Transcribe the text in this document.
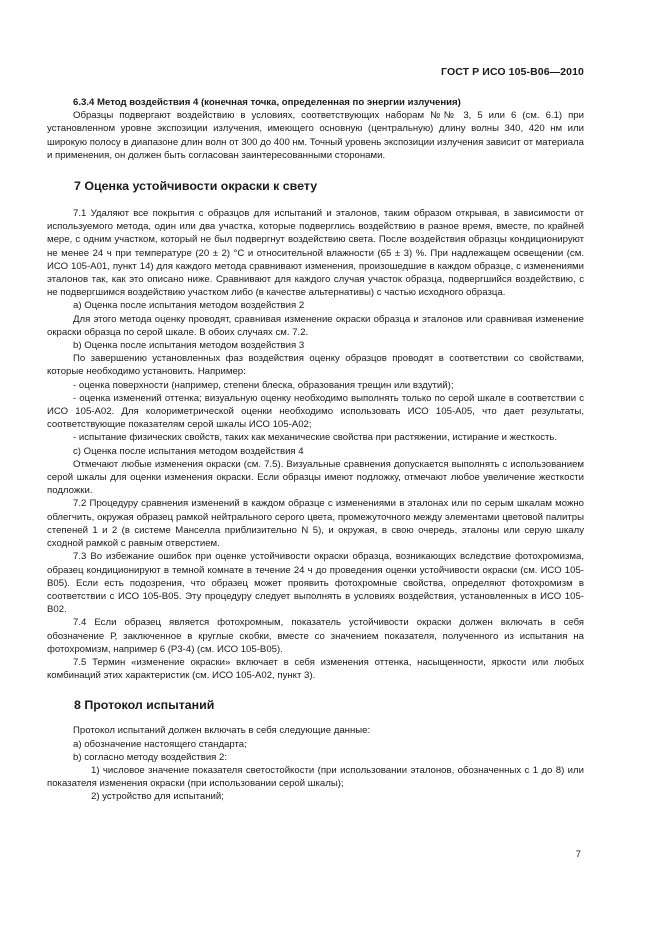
ГОСТ Р ИСО 105-В06—2010

6.3.4 Метод воздействия 4 (конечная точка, определенная по энергии излучения)

Образцы подвергают воздействию в условиях, соответствующих наборам №№ 3, 5 или 6 (см. 6.1) при установленном уровне экспозиции излучения, имеющего основную (центральную) длину волны 340, 420 нм или широкую полосу в диапазоне длин волн от 300 до 400 нм. Точный уровень экспозиции излучения зависит от материала и применения, он должен быть согласован заинтересованными сторонами.

7 Оценка устойчивости окраски к свету

7.1 Удаляют все покрытия с образцов для испытаний и эталонов, таким образом открывая, в зависимости от используемого метода, один или два участка, которые подверглись воздействию в разное время, вместе, по крайней мере, с одним участком, который не был подвергнут воздействию света. После воздействия образцы кондиционируют не менее 24 ч при температуре (20 ± 2) °С и относительной влажности (65 ± 3) %. При надлежащем освещении (см. ИСО 105-А01, пункт 14) для каждого метода сравнивают изменения, произошедшие в каждом образце, с изменениями эталонов так, как это описано ниже. Сравнивают для каждого случая участок образца, подвергшийся воздействию, с не подвергшимся воздействию участком либо (в качестве альтернативы) с частью исходного образца.

a) Оценка после испытания методом воздействия 2

Для этого метода оценку проводят, сравнивая изменение окраски образца и эталонов или сравнивая изменение окраски образца по серой шкале. В обоих случаях см. 7.2.

b) Оценка после испытания методом воздействия 3

По завершению установленных фаз воздействия оценку образцов проводят в соответствии со свойствами, которые необходимо установить. Например:

- оценка поверхности (например, степени блеска, образования трещин или вздутий);

- оценка изменений оттенка; визуальную оценку необходимо выполнять только по серой шкале в соответствии с ИСО 105-А02. Для колориметрической оценки необходимо использовать ИСО 105-А05, что дает результаты, соответствующие показателям серой шкалы ИСО 105-А02;

- испытание физических свойств, таких как механические свойства при растяжении, истирание и жесткость.

c) Оценка после испытания методом воздействия 4

Отмечают любые изменения окраски (см. 7.5). Визуальные сравнения допускается выполнять с использованием серой шкалы для оценки изменения окраски. Если образцы имеют подложку, отмечают любое увеличение жесткости подложки.

7.2 Процедуру сравнения изменений в каждом образце с изменениями в эталонах или по серым шкалам можно облегчить, окружая образец рамкой нейтрального серого цвета, промежуточного между элементами цветовой палитры степеней 1 и 2 (в системе Манселла приблизительно N 5), и окружая, в свою очередь, эталоны или серую шкалу сходной рамкой с равным отверстием.

7.3 Во избежание ошибок при оценке устойчивости окраски образца, возникающих вследствие фотохромизма, образец кондиционируют в темной комнате в течение 24 ч до проведения оценки устойчивости окраски (см. ИСО 105-В05). Если есть подозрения, что образец может проявить фотохромные свойства, определяют фотохромизм в соответствии с ИСО 105-В05. Эту процедуру следует выполнять в условиях воздействия, установленных в ИСО 105-В02.

7.4 Если образец является фотохромным, показатель устойчивости окраски должен включать в себя обозначение Р, заключенное в круглые скобки, вместе со значением показателя, полученного из испытания на фотохромизм, например 6 (Р3-4) (см. ИСО 105-В05).

7.5 Термин «изменение окраски» включает в себя изменения оттенка, насыщенности, яркости или любых комбинаций этих характеристик (см. ИСО 105-А02, пункт 3).

8 Протокол испытаний

Протокол испытаний должен включать в себя следующие данные:

a) обозначение настоящего стандарта;

b) согласно методу воздействия 2:

1) числовое значение показателя светостойкости (при использовании эталонов, обозначенных с 1 до 8) или показателя изменения окраски (при использовании серой шкалы);

2) устройство для испытаний;

7
